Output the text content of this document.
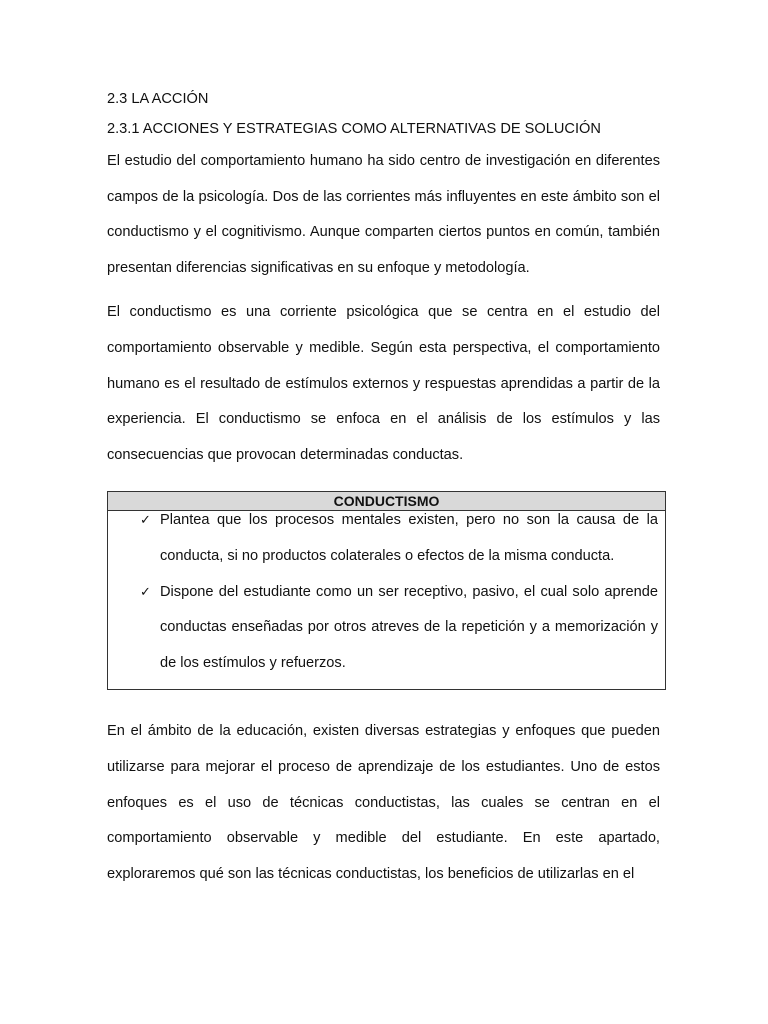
2.3 LA ACCIÓN
2.3.1 ACCIONES Y ESTRATEGIAS COMO ALTERNATIVAS DE SOLUCIÓN

El estudio del comportamiento humano ha sido centro de investigación en diferentes campos de la psicología. Dos de las corrientes más influyentes en este ámbito son el conductismo y el cognitivismo. Aunque comparten ciertos puntos en común, también presentan diferencias significativas en su enfoque y metodología.

El conductismo es una corriente psicológica que se centra en el estudio del comportamiento observable y medible. Según esta perspectiva, el comportamiento humano es el resultado de estímulos externos y respuestas aprendidas a partir de la experiencia. El conductismo se enfoca en el análisis de los estímulos y las consecuencias que provocan determinadas conductas.

CONDUCTISMO
✓ Plantea que los procesos mentales existen, pero no son la causa de la conducta, si no productos colaterales o efectos de la misma conducta.
✓ Dispone del estudiante como un ser receptivo, pasivo, el cual solo aprende conductas enseñadas por otros atreves de la repetición y a memorización y de los estímulos y refuerzos.

En el ámbito de la educación, existen diversas estrategias y enfoques que pueden utilizarse para mejorar el proceso de aprendizaje de los estudiantes. Uno de estos enfoques es el uso de técnicas conductistas, las cuales se centran en el comportamiento observable y medible del estudiante. En este apartado, exploraremos qué son las técnicas conductistas, los beneficios de utilizarlas en el
